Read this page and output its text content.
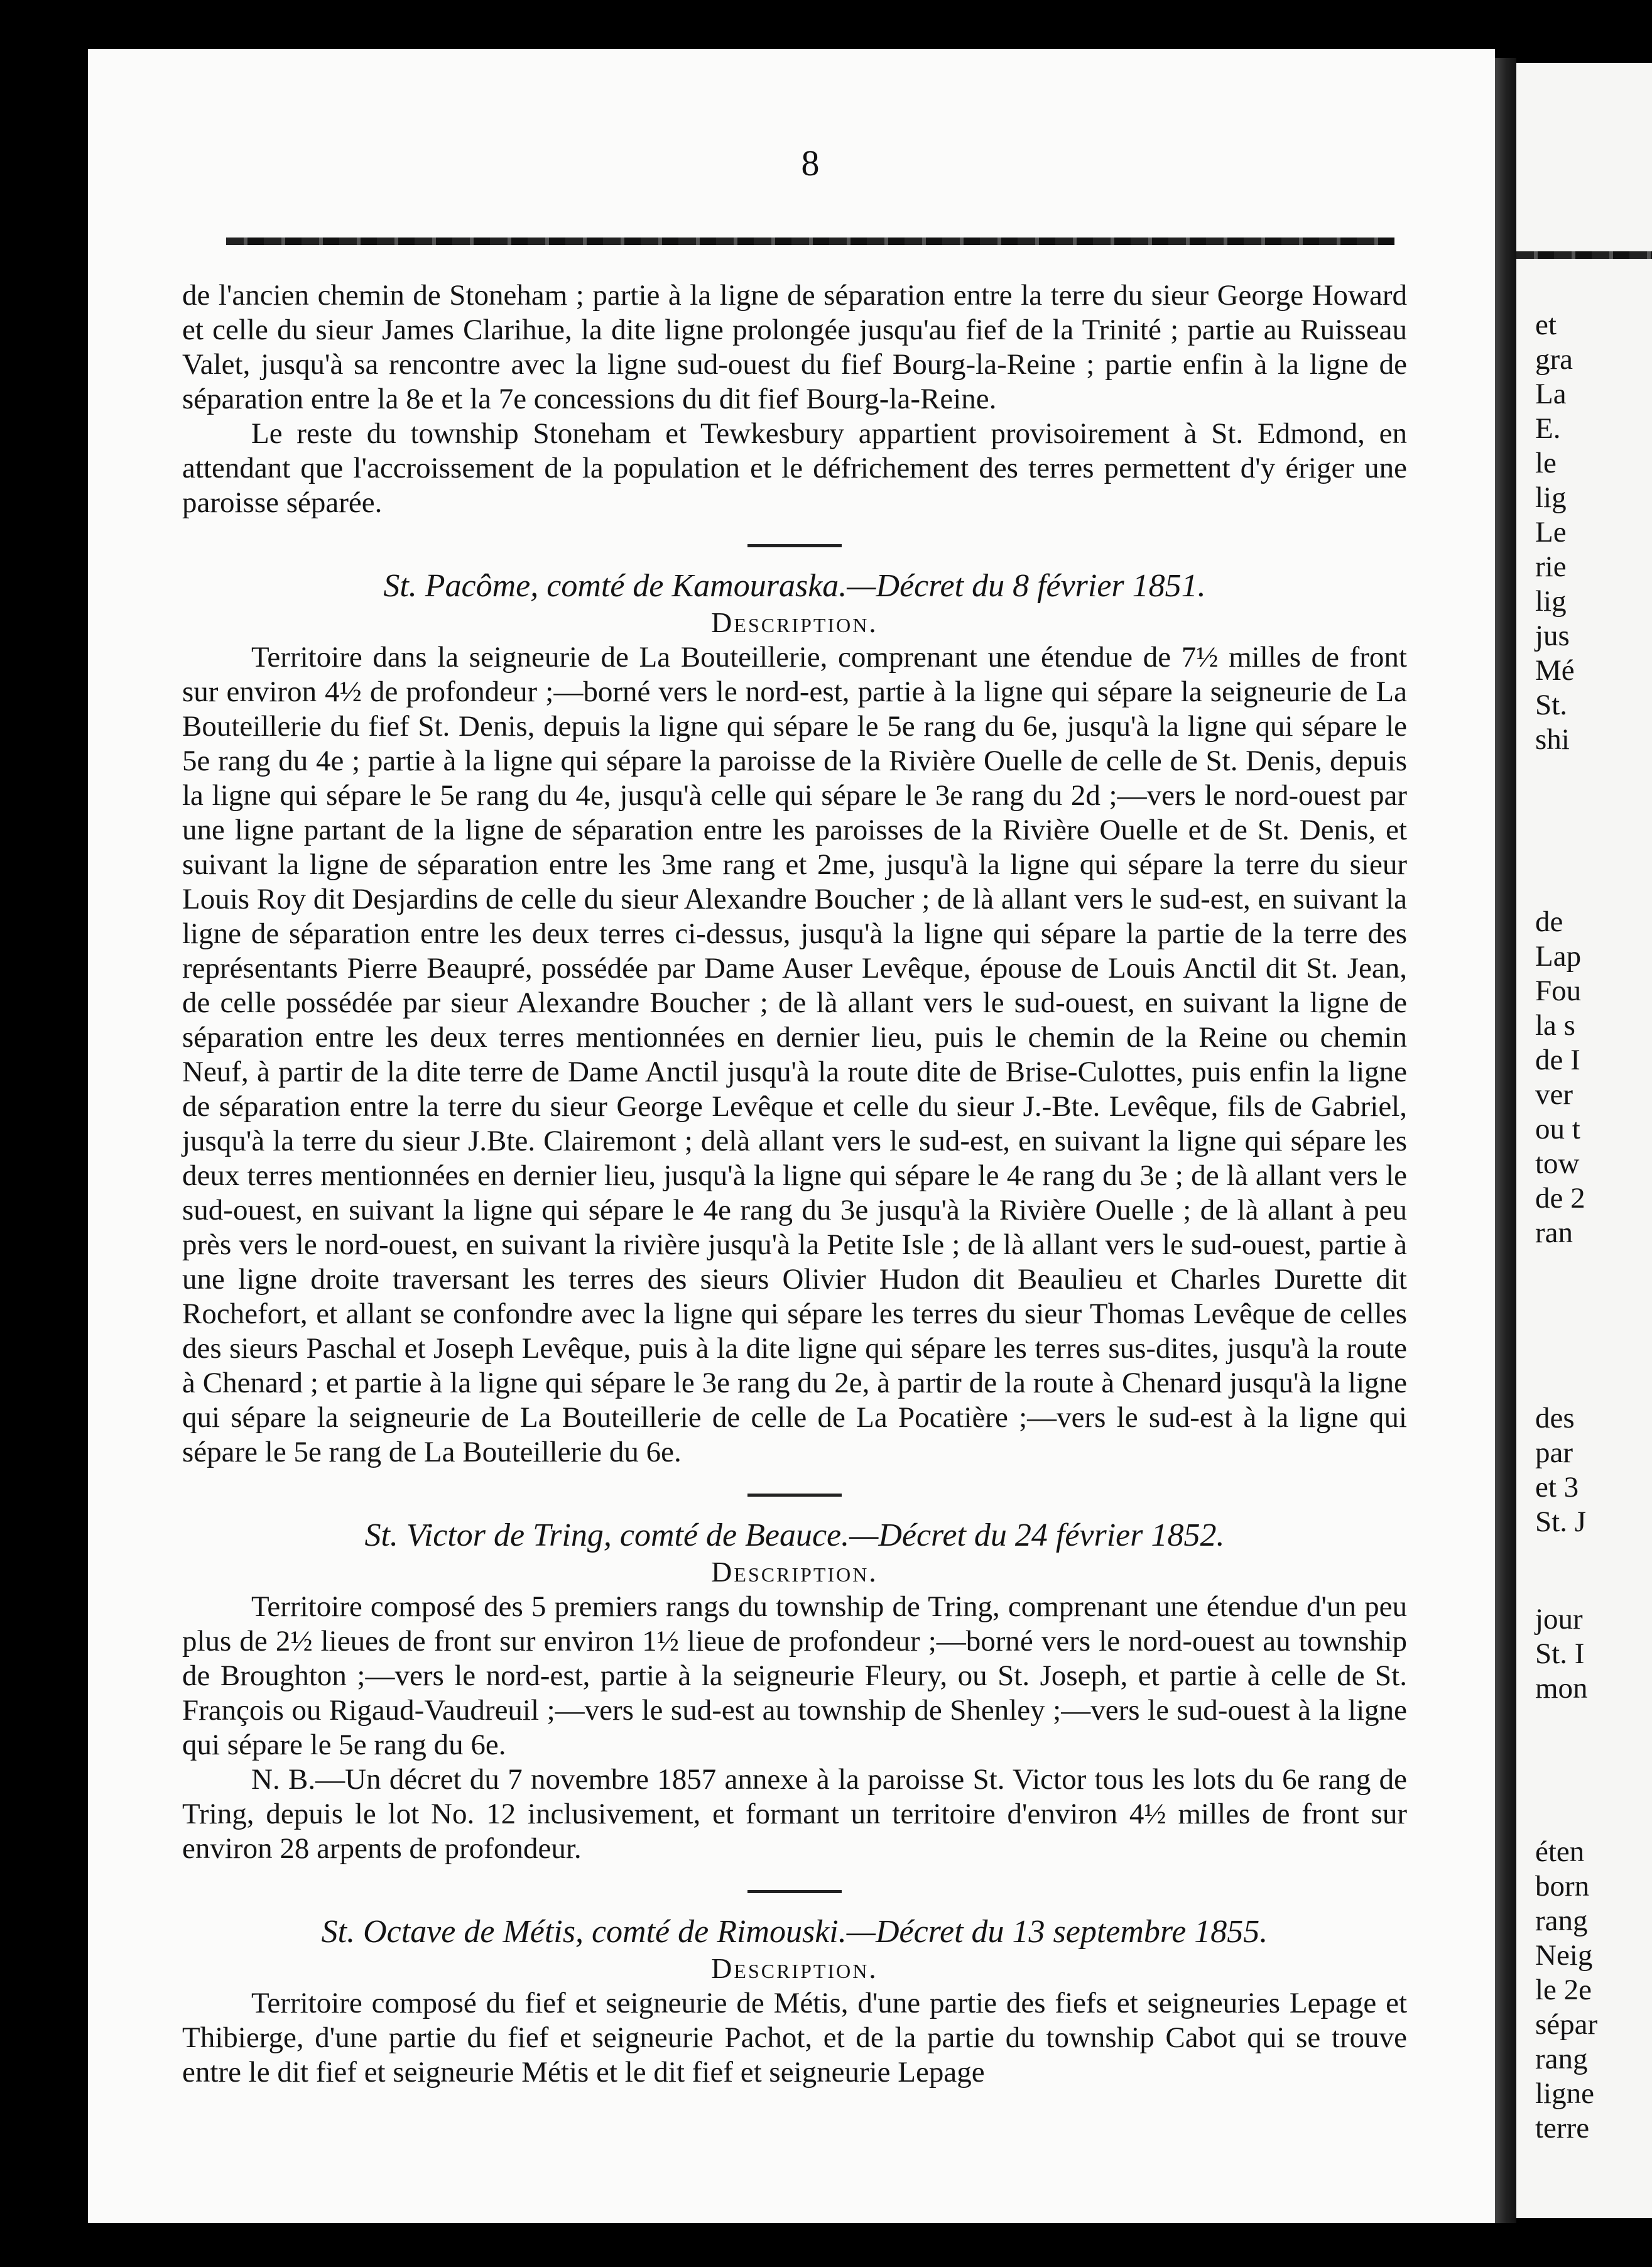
8

de l'ancien chemin de Stoneham ; partie à la ligne de séparation entre la terre du sieur George Howard et celle du sieur James Clarihue, la dite ligne prolongée jusqu'au fief de la Trinité ; partie au Ruisseau Valet, jusqu'à sa rencontre avec la ligne sud-ouest du fief Bourg-la-Reine ; partie enfin à la ligne de séparation entre la 8e et la 7e concessions du dit fief Bourg-la-Reine.

Le reste du township Stoneham et Tewkesbury appartient provisoirement à St. Edmond, en attendant que l'accroissement de la population et le défrichement des terres permettent d'y ériger une paroisse séparée.

St. Pacôme, comté de Kamouraska.—Décret du 8 février 1851.

Description.

Territoire dans la seigneurie de La Bouteillerie, comprenant une étendue de 7½ milles de front sur environ 4½ de profondeur ;—borné vers le nord-est, partie à la ligne qui sépare la seigneurie de La Bouteillerie du fief St. Denis, depuis la ligne qui sépare le 5e rang du 6e, jusqu'à la ligne qui sépare le 5e rang du 4e ; partie à la ligne qui sépare la paroisse de la Rivière Ouelle de celle de St. Denis, depuis la ligne qui sépare le 5e rang du 4e, jusqu'à celle qui sépare le 3e rang du 2d ;—vers le nord-ouest par une ligne partant de la ligne de séparation entre les paroisses de la Rivière Ouelle et de St. Denis, et suivant la ligne de séparation entre les 3me rang et 2me, jusqu'à la ligne qui sépare la terre du sieur Louis Roy dit Desjardins de celle du sieur Alexandre Boucher ; de là allant vers le sud-est, en suivant la ligne de séparation entre les deux terres ci-dessus, jusqu'à la ligne qui sépare la partie de la terre des représentants Pierre Beaupré, possédée par Dame Auser Levêque, épouse de Louis Anctil dit St. Jean, de celle possédée par sieur Alexandre Boucher ; de là allant vers le sud-ouest, en suivant la ligne de séparation entre les deux terres mentionnées en dernier lieu, puis le chemin de la Reine ou chemin Neuf, à partir de la dite terre de Dame Anctil jusqu'à la route dite de Brise-Culottes, puis enfin la ligne de séparation entre la terre du sieur George Levêque et celle du sieur J.-Bte. Levêque, fils de Gabriel, jusqu'à la terre du sieur J.Bte. Clairemont ; delà allant vers le sud-est, en suivant la ligne qui sépare les deux terres mentionnées en dernier lieu, jusqu'à la ligne qui sépare le 4e rang du 3e ; de là allant vers le sud-ouest, en suivant la ligne qui sépare le 4e rang du 3e jusqu'à la Rivière Ouelle ; de là allant à peu près vers le nord-ouest, en suivant la rivière jusqu'à la Petite Isle ; de là allant vers le sud-ouest, partie à une ligne droite traversant les terres des sieurs Olivier Hudon dit Beaulieu et Charles Durette dit Rochefort, et allant se confondre avec la ligne qui sépare les terres du sieur Thomas Levêque de celles des sieurs Paschal et Joseph Levêque, puis à la dite ligne qui sépare les terres sus-dites, jusqu'à la route à Chenard ; et partie à la ligne qui sépare le 3e rang du 2e, à partir de la route à Chenard jusqu'à la ligne qui sépare la seigneurie de La Bouteillerie de celle de La Pocatière ;—vers le sud-est à la ligne qui sépare le 5e rang de La Bouteillerie du 6e.

St. Victor de Tring, comté de Beauce.—Décret du 24 février 1852.

Description.

Territoire composé des 5 premiers rangs du township de Tring, comprenant une étendue d'un peu plus de 2½ lieues de front sur environ 1½ lieue de profondeur ;—borné vers le nord-ouest au township de Broughton ;—vers le nord-est, partie à la seigneurie Fleury, ou St. Joseph, et partie à celle de St. François ou Rigaud-Vaudreuil ;—vers le sud-est au township de Shenley ;—vers le sud-ouest à la ligne qui sépare le 5e rang du 6e.

N. B.—Un décret du 7 novembre 1857 annexe à la paroisse St. Victor tous les lots du 6e rang de Tring, depuis le lot No. 12 inclusivement, et formant un territoire d'environ 4½ milles de front sur environ 28 arpents de profondeur.

St. Octave de Métis, comté de Rimouski.—Décret du 13 septembre 1855.

Description.

Territoire composé du fief et seigneurie de Métis, d'une partie des fiefs et seigneuries Lepage et Thibierge, d'une partie du fief et seigneurie Pachot, et de la partie du township Cabot qui se trouve entre le dit fief et seigneurie Métis et le dit fief et seigneurie Lepage

et
gra
La
E.
le
lig
Le
rie
lig
jus
Mé
St.
shi
de
Lap
Fou
la s
de I
ver
ou t
tow
de 2
ran
des
par
et 3
St. J
jour
St. I
mon
éten
born
rang
Neig
le 2e
sépar
rang
ligne
terre
